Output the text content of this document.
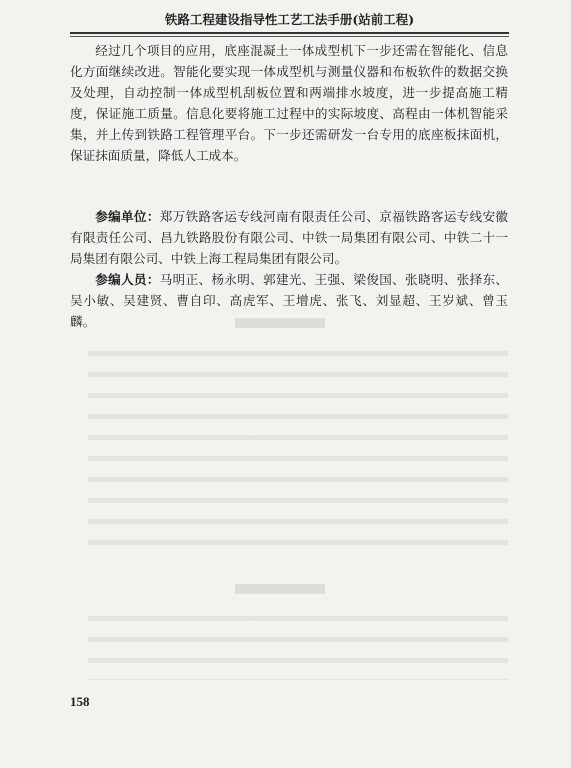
铁路工程建设指导性工艺工法手册(站前工程)

经过几个项目的应用，底座混凝土一体成型机下一步还需在智能化、信息化方面继续改进。智能化要实现一体成型机与测量仪器和布板软件的数据交换及处理，自动控制一体成型机刮板位置和两端排水坡度，进一步提高施工精度，保证施工质量。信息化要将施工过程中的实际坡度、高程由一体机智能采集，并上传到铁路工程管理平台。下一步还需研发一台专用的底座板抹面机，保证抹面质量，降低人工成本。

参编单位：郑万铁路客运专线河南有限责任公司、京福铁路客运专线安徽有限责任公司、昌九铁路股份有限公司、中铁一局集团有限公司、中铁二十一局集团有限公司、中铁上海工程局集团有限公司。

参编人员：马明正、杨永明、郭建光、王强、梁俊国、张晓明、张择东、吴小敏、吴建贤、曹自印、高虎军、王增虎、张飞、刘显超、王岁斌、曾玉麟。

158
